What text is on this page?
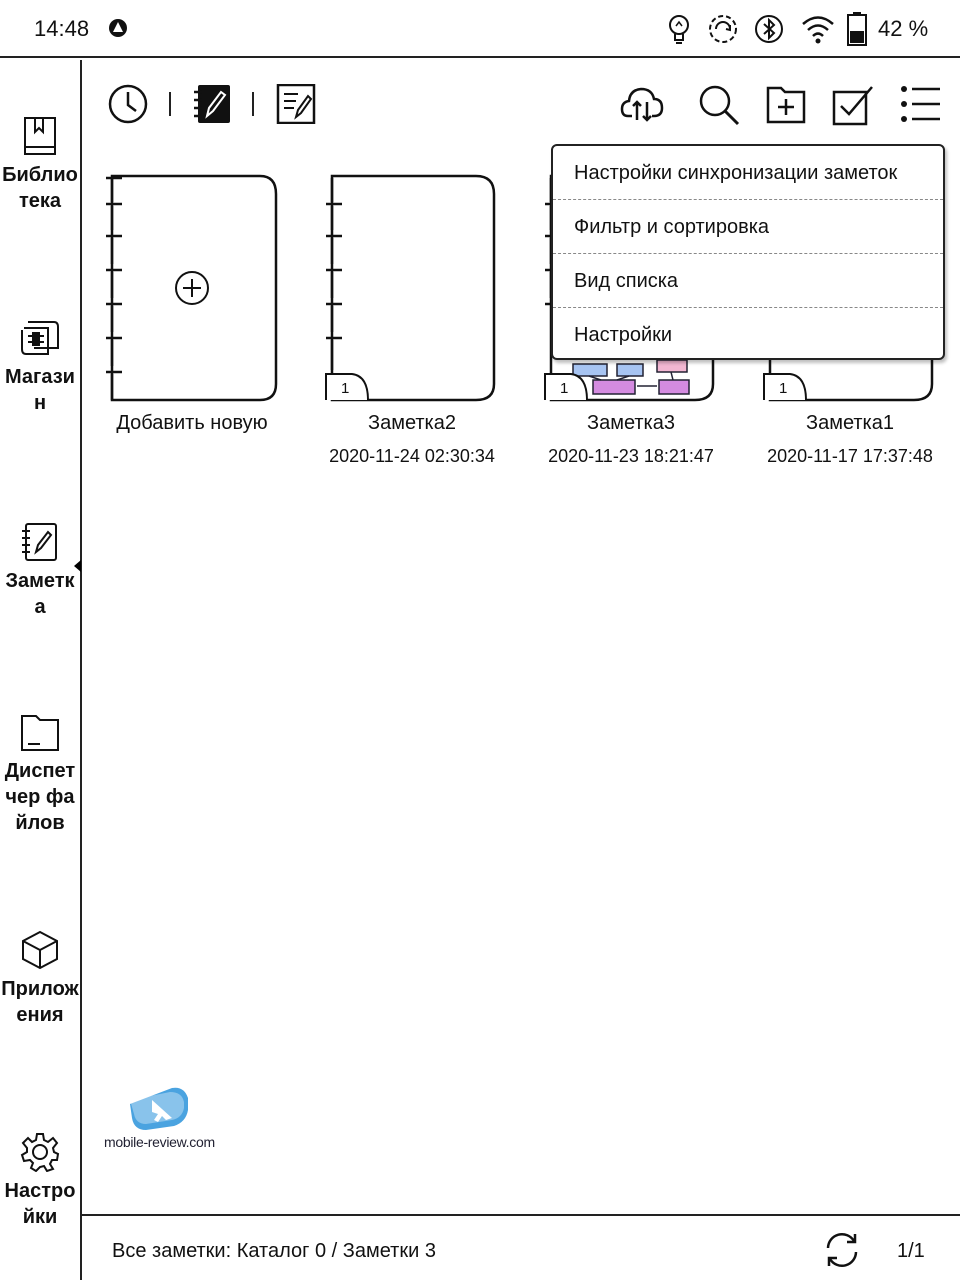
14:48	42 %
Библиотека
Магазин
Заметка
Диспетчер файлов
Приложения
Настройки
Добавить новую
1
Заметка2
2020-11-24 02:30:34
1
Заметка3
2020-11-23 18:21:47
1
Заметка1
2020-11-17 17:37:48
Настройки синхронизации заметок
Фильтр и сортировка
Вид списка
Настройки
mobile-review.com
Все заметки: Каталог 0 / Заметки 3	1/1
